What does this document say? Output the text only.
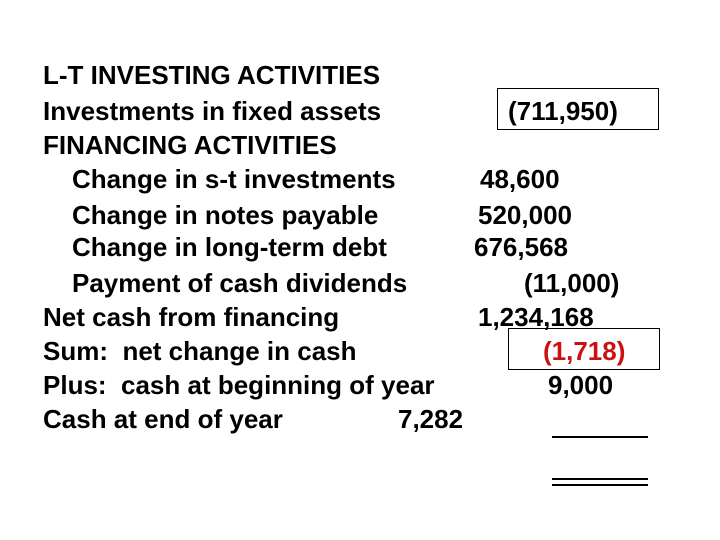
L-T INVESTING ACTIVITIES
Investments in fixed assets	(711,950)
FINANCING ACTIVITIES
Change in s-t investments	48,600
Change in notes payable	520,000
Change in long-term debt	676,568
Payment of cash dividends	(11,000)
Net cash from financing	1,234,168
Sum:  net change in cash	(1,718)
Plus:  cash at beginning of year	9,000
Cash at end of year	7,282
